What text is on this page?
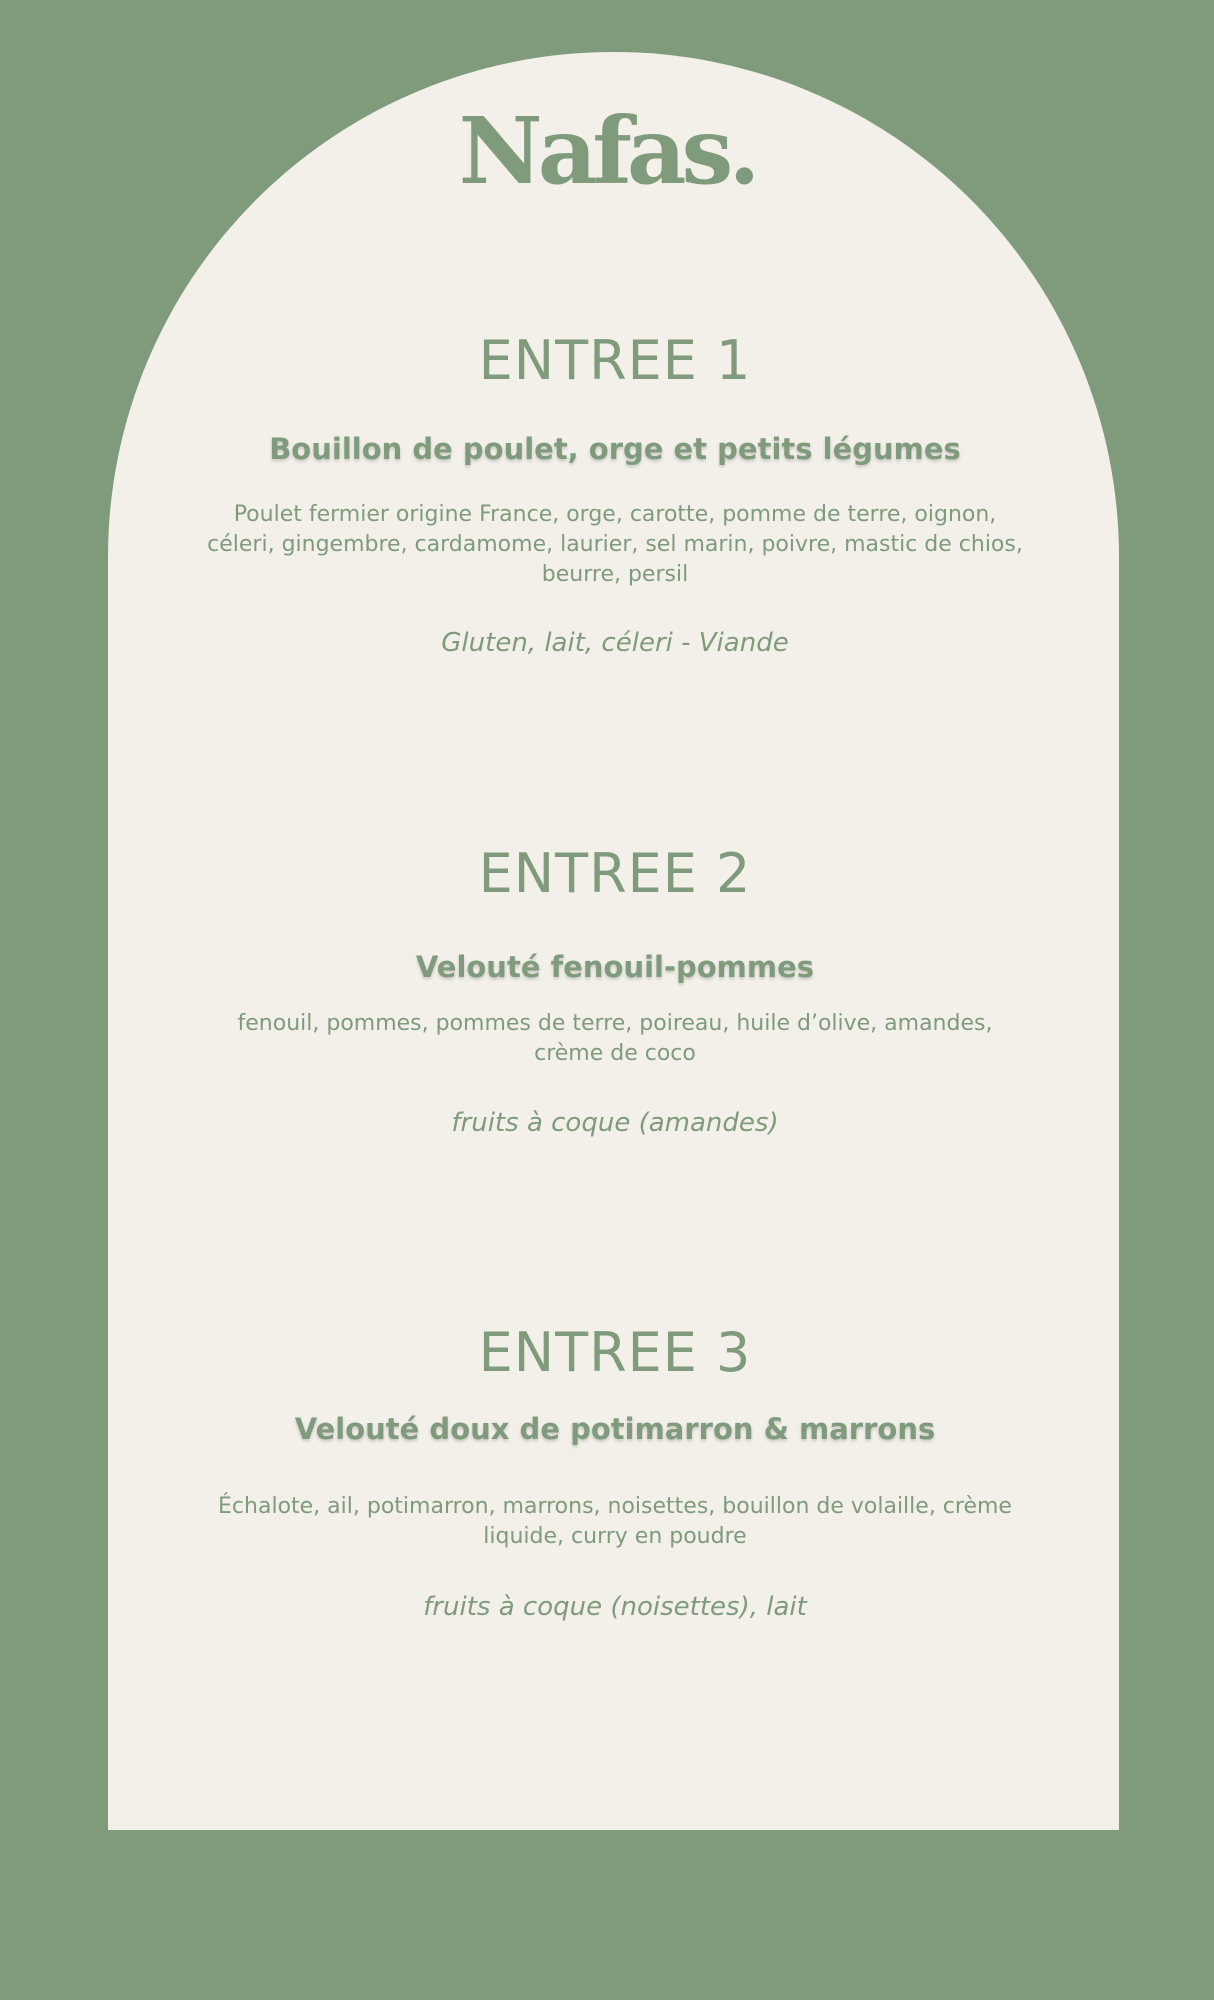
Nafas.
ENTREE 1
Bouillon de poulet, orge et petits légumes

Poulet fermier origine France, orge, carotte, pomme de terre, oignon, céleri, gingembre, cardamome, laurier, sel marin, poivre, mastic de chios, beurre, persil

Gluten, lait, céleri - Viande

ENTREE 2
Velouté fenouil-pommes

fenouil, pommes, pommes de terre, poireau, huile d’olive, amandes, crème de coco

fruits à coque (amandes)

ENTREE 3
Velouté doux de potimarron & marrons

Échalote, ail, potimarron, marrons, noisettes, bouillon de volaille, crème liquide, curry en poudre

fruits à coque (noisettes), lait
